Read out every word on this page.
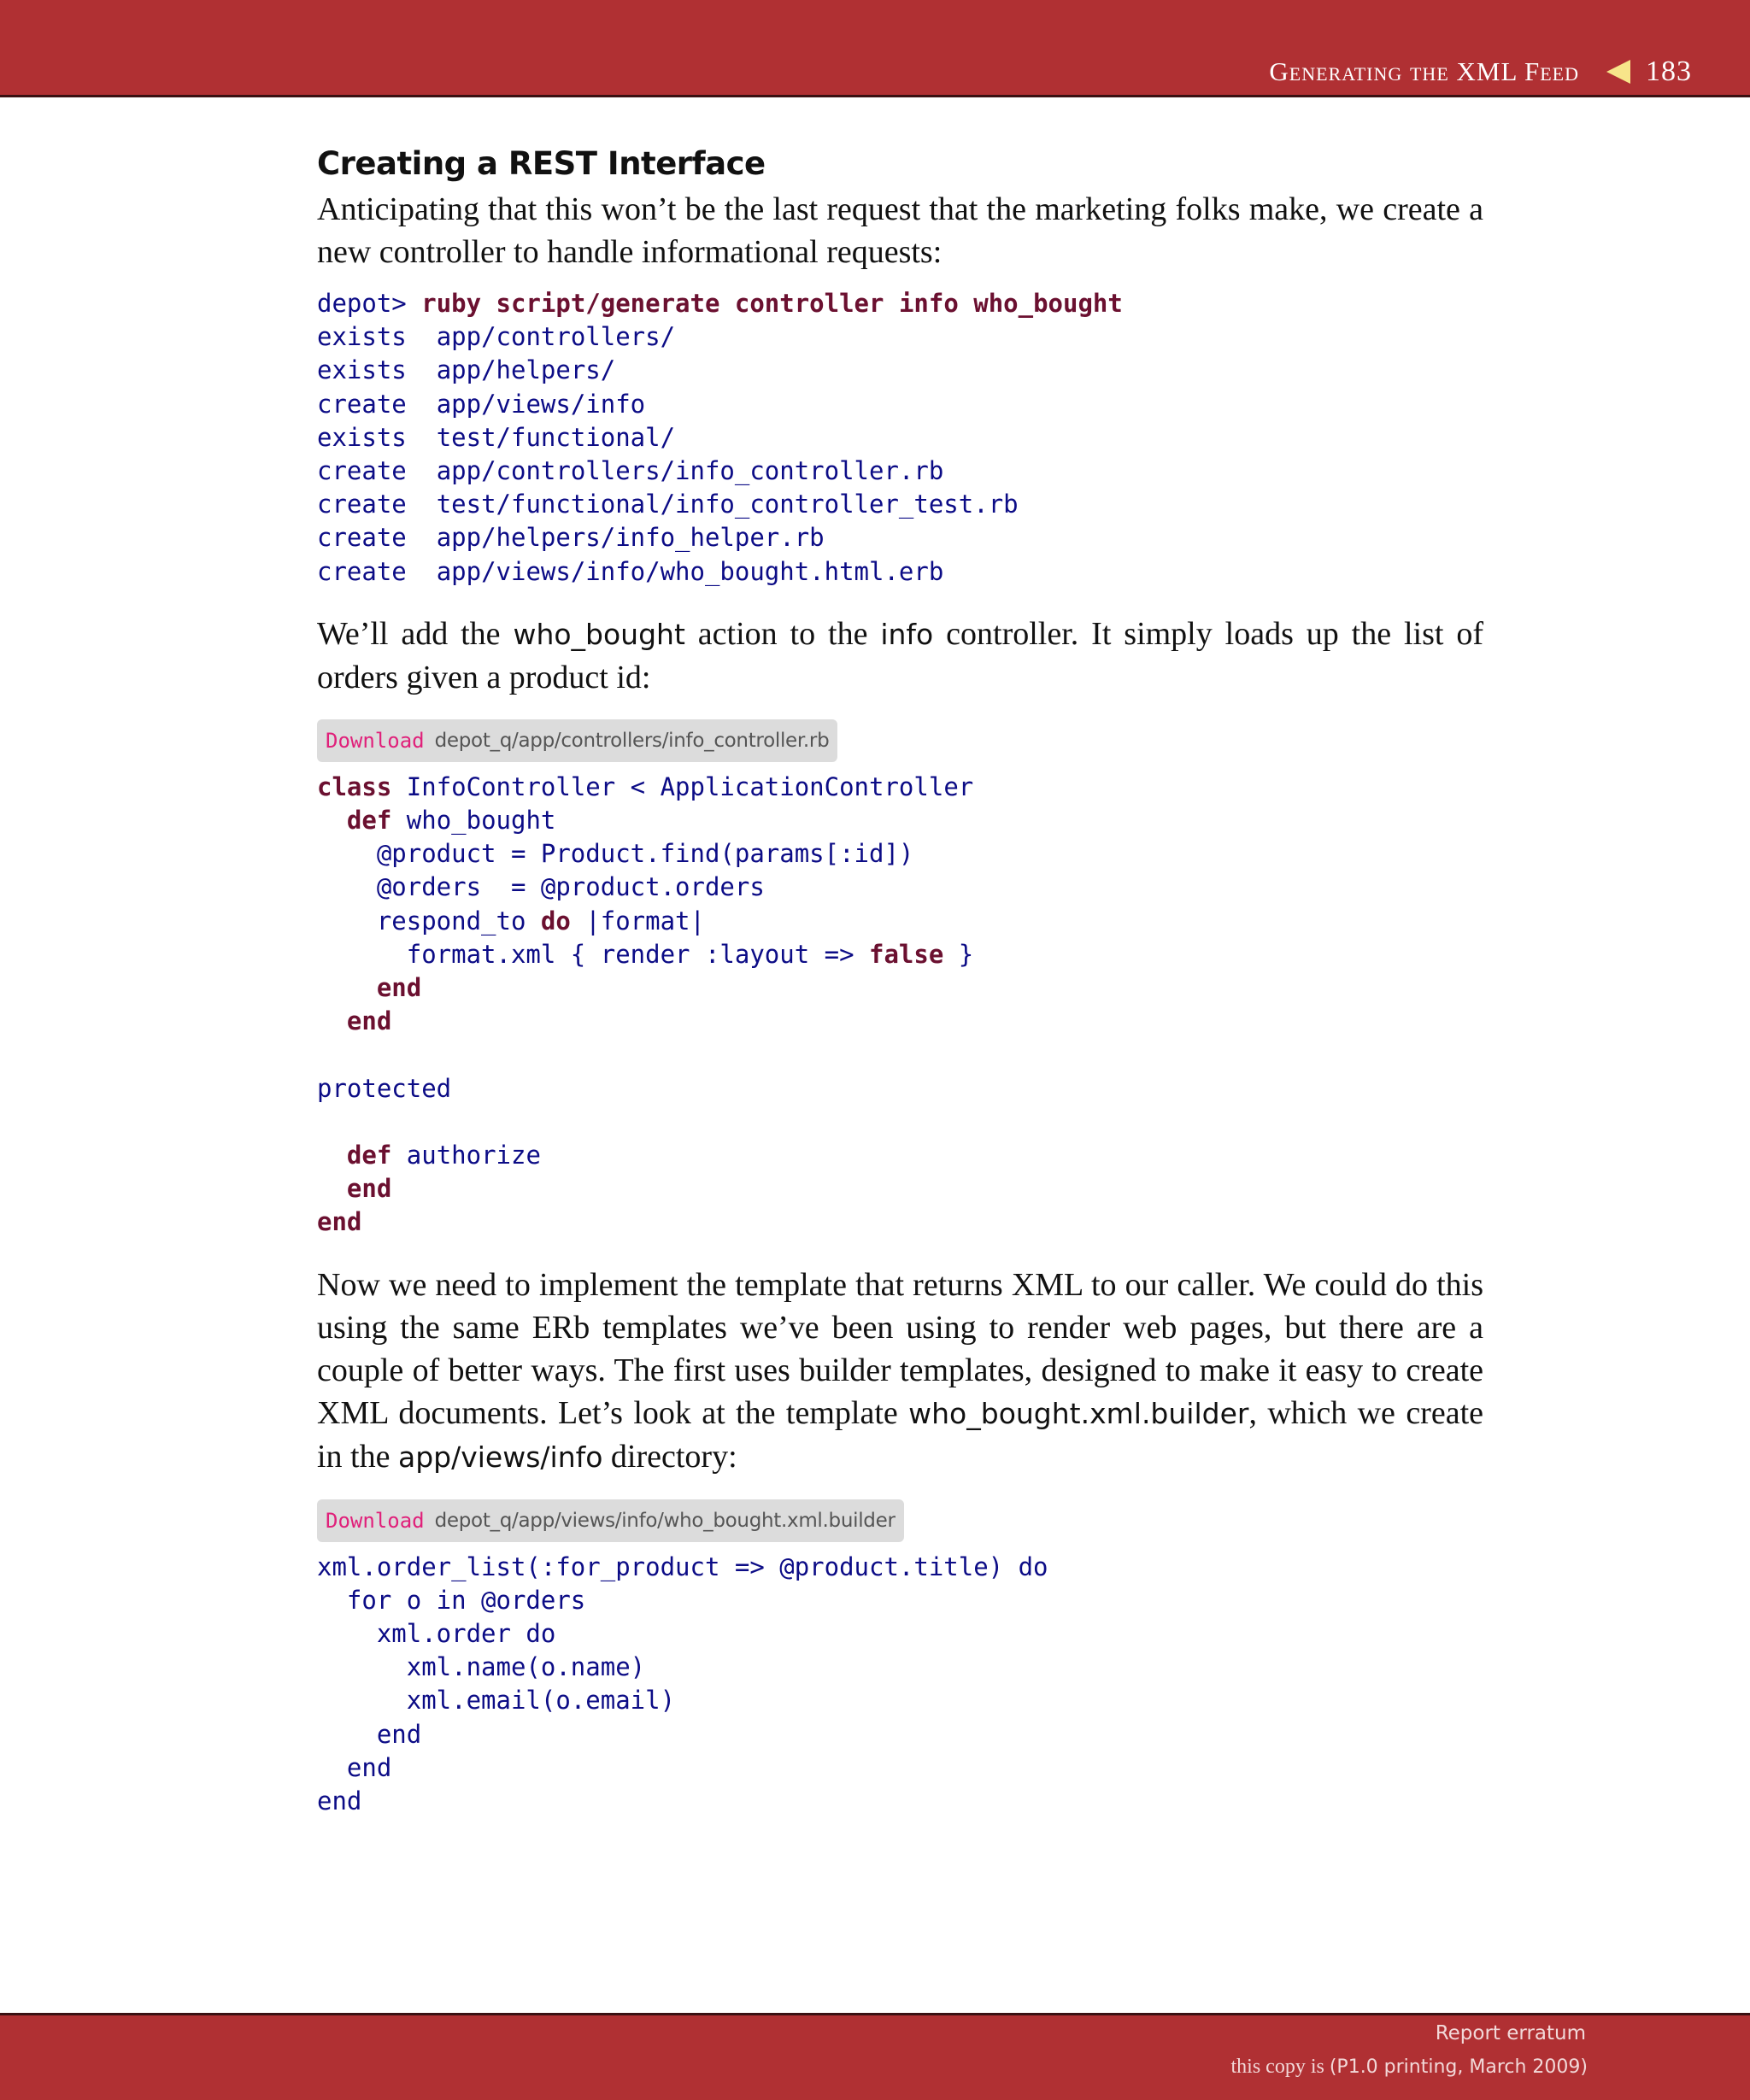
Generating the XML Feed 183
Creating a REST Interface

Anticipating that this won’t be the last request that the marketing folks make, we create a new controller to handle informational requests:

depot> ruby script/generate controller info who_bought
exists app/controllers/
exists app/helpers/
create app/views/info
exists test/functional/
create app/controllers/info_controller.rb
create test/functional/info_controller_test.rb
create app/helpers/info_helper.rb
create app/views/info/who_bought.html.erb

We’ll add the who_bought action to the info controller. It simply loads up the list of orders given a product id:

Download depot_q/app/controllers/info_controller.rb
class InfoController < ApplicationController
def who_bought
@product = Product.find(params[:id])
@orders  = @product.orders
respond_to do |format|
format.xml { render :layout => false }
end
end

protected

def authorize
end
end

Now we need to implement the template that returns XML to our caller. We could do this using the same ERb templates we’ve been using to render web pages, but there are a couple of better ways. The first uses builder templates, designed to make it easy to create XML documents. Let’s look at the template who_bought.xml.builder, which we create in the app/views/info directory:

Download depot_q/app/views/info/who_bought.xml.builder
xml.order_list(:for_product => @product.title) do
for o in @orders
xml.order do
xml.name(o.name)
xml.email(o.email)
end
end
end
Report erratum
this copy is (P1.0 printing, March 2009)
